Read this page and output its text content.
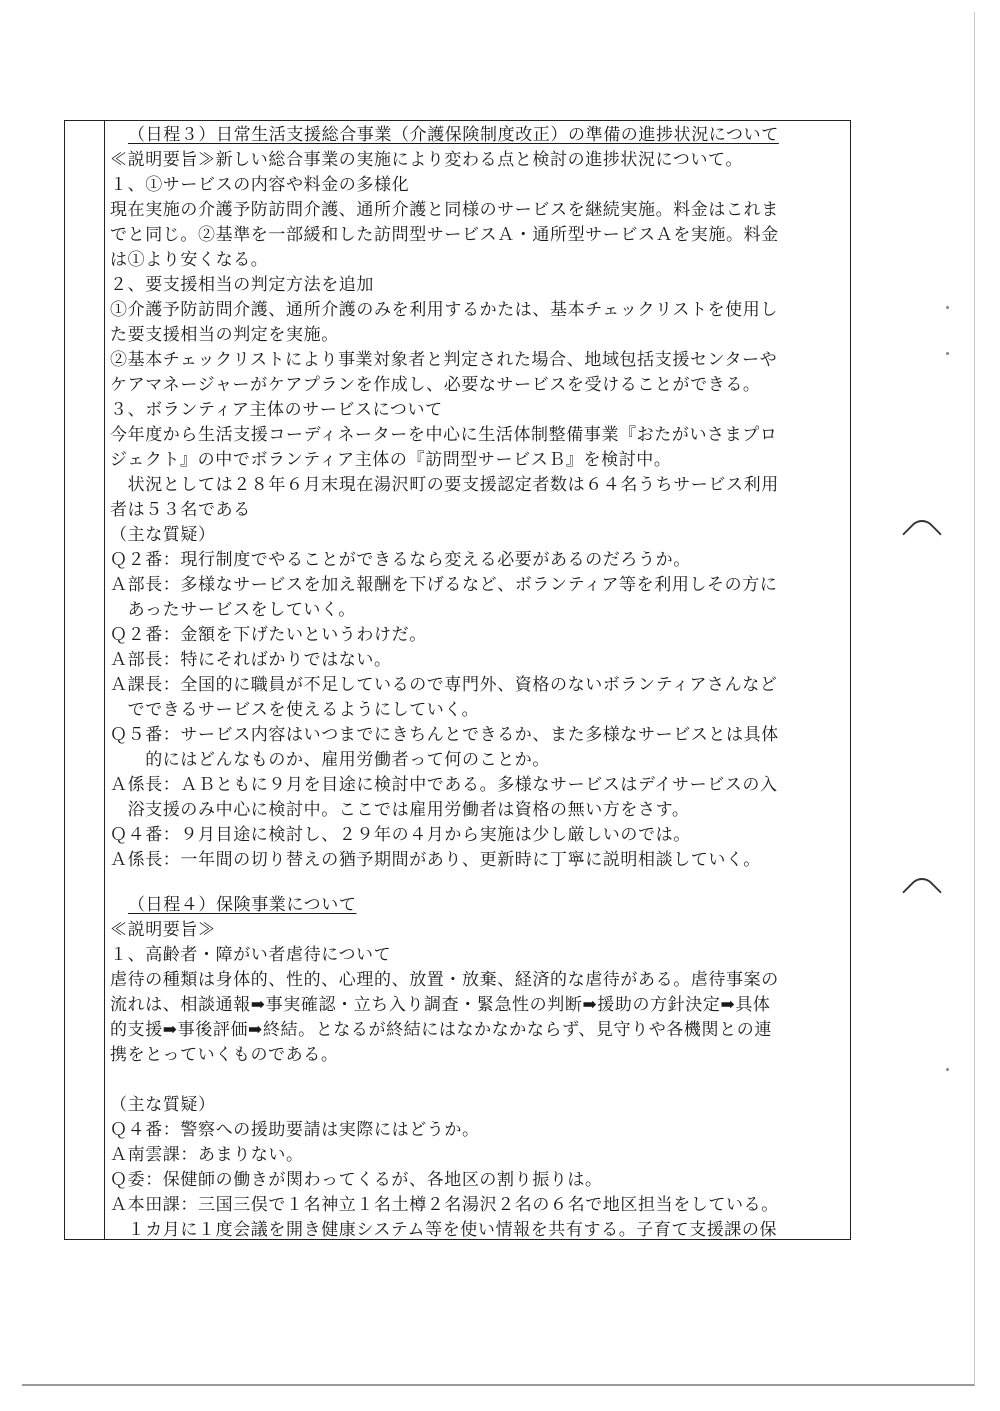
（日程３）日常生活支援総合事業（介護保険制度改正）の準備の進捗状況について
≪説明要旨≫新しい総合事業の実施により変わる点と検討の進捗状況について。
１、①サービスの内容や料金の多様化
現在実施の介護予防訪問介護、通所介護と同様のサービスを継続実施。料金はこれま
でと同じ。②基準を一部緩和した訪問型サービスＡ・通所型サービスＡを実施。料金
は①より安くなる。
２、要支援相当の判定方法を追加
①介護予防訪問介護、通所介護のみを利用するかたは、基本チェックリストを使用し
た要支援相当の判定を実施。
②基本チェックリストにより事業対象者と判定された場合、地域包括支援センターや
ケアマネージャーがケアプランを作成し、必要なサービスを受けることができる。
３、ボランティア主体のサービスについて
今年度から生活支援コーディネーターを中心に生活体制整備事業『おたがいさまプロ
ジェクト』の中でボランティア主体の『訪問型サービスＢ』を検討中。
　状況としては２８年６月末現在湯沢町の要支援認定者数は６４名うちサービス利用
者は５３名である
（主な質疑）
Ｑ２番：現行制度でやることができるなら変える必要があるのだろうか。
Ａ部長：多様なサービスを加え報酬を下げるなど、ボランティア等を利用しその方に
　あったサービスをしていく。
Ｑ２番：金額を下げたいというわけだ。
Ａ部長：特にそればかりではない。
Ａ課長：全国的に職員が不足しているので専門外、資格のないボランティアさんなど
　でできるサービスを使えるようにしていく。
Ｑ５番：サービス内容はいつまでにきちんとできるか、また多様なサービスとは具体
　　的にはどんなものか、雇用労働者って何のことか。
Ａ係長：ＡＢともに９月を目途に検討中である。多様なサービスはデイサービスの入
　浴支援のみ中心に検討中。ここでは雇用労働者は資格の無い方をさす。
Ｑ４番：９月目途に検討し、２９年の４月から実施は少し厳しいのでは。
Ａ係長：一年間の切り替えの猶予期間があり、更新時に丁寧に説明相談していく。
（日程４）保険事業について
≪説明要旨≫
１、高齢者・障がい者虐待について
虐待の種類は身体的、性的、心理的、放置・放棄、経済的な虐待がある。虐待事案の
流れは、相談通報➡事実確認・立ち入り調査・緊急性の判断➡援助の方針決定➡具体
的支援➡事後評価➡終結。となるが終結にはなかなかならず、見守りや各機関との連
携をとっていくものである。
（主な質疑）
Ｑ４番：警察への援助要請は実際にはどうか。
Ａ南雲課：あまりない。
Ｑ委：保健師の働きが関わってくるが、各地区の割り振りは。
Ａ本田課：三国三俣で１名神立１名土樽２名湯沢２名の６名で地区担当をしている。
　１カ月に１度会議を開き健康システム等を使い情報を共有する。子育て支援課の保
